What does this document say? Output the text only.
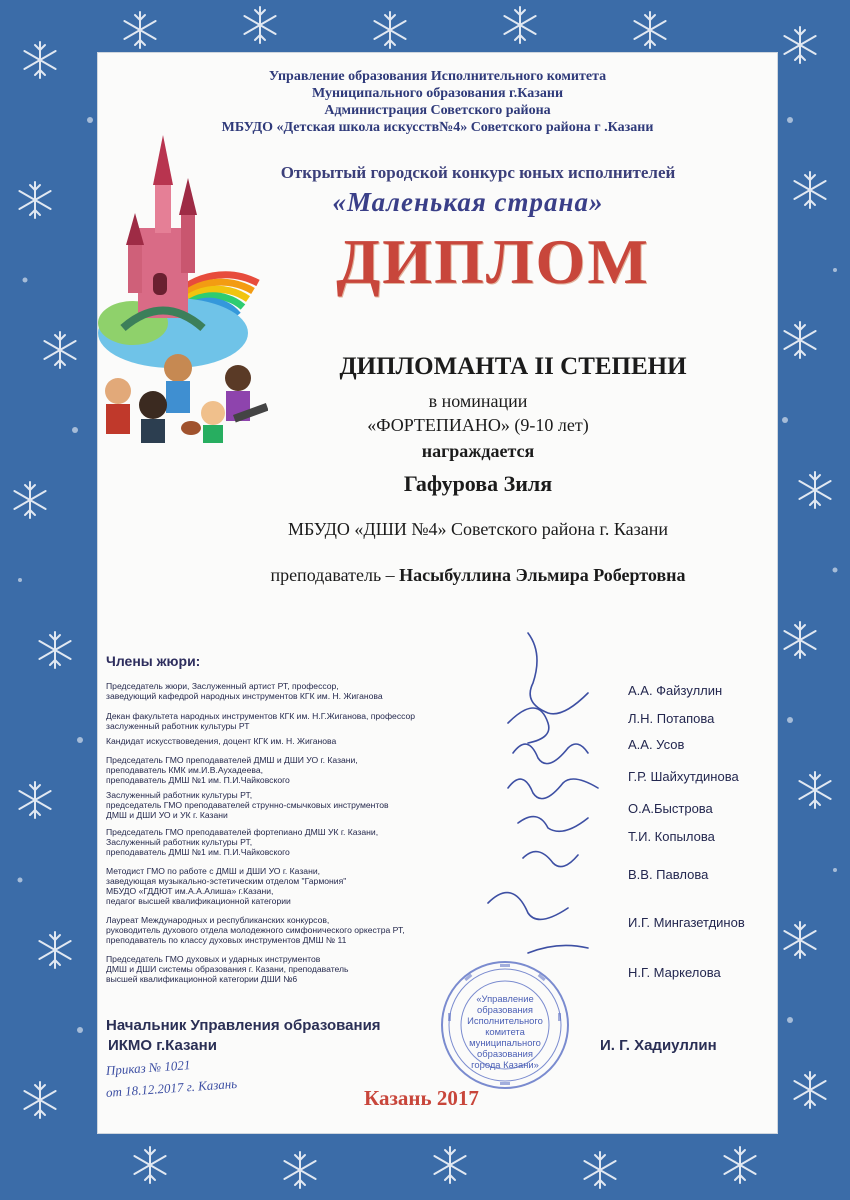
Управление образования Исполнительного комитета
Муниципального образования г.Казани
Администрация Советского района
МБУДО «Детская школа искусств№4» Советского района г .Казани
Открытый городской конкурс юных исполнителей
«Маленькая страна»
ДИПЛОМ
ДИПЛОМАНТА II СТЕПЕНИ
в номинации
«ФОРТЕПИАНО» (9-10 лет)
награждается
Гафурова Зиля
МБУДО «ДШИ №4» Советского района г. Казани
преподаватель – Насыбуллина Эльмира Робертовна
Члены жюри:
Председатель жюри, Заслуженный артист РТ, профессор,
заведующий кафедрой народных инструментов КГК им. Н. Жиганова
Декан факультета народных инструментов КГК им. Н.Г.Жиганова, профессор
заслуженный работник культуры РТ
Кандидат искусствоведения, доцент КГК им. Н. Жиганова
Председатель ГМО преподавателей ДМШ и ДШИ УО г. Казани,
преподаватель КМК им.И.В.Аухадеева,
преподаватель ДМШ №1 им. П.И.Чайковского
Заслуженный работник культуры РТ,
председатель ГМО преподавателей струнно-смычковых инструментов
ДМШ и ДШИ УО и УК г. Казани
Председатель ГМО преподавателей фортепиано ДМШ УК г. Казани,
Заслуженный работник культуры РТ,
преподаватель ДМШ №1 им. П.И.Чайковского
Методист ГМО по работе с ДМШ и ДШИ УО г. Казани,
заведующая музыкально-эстетическим отделом "Гармония"
МБУДО «ГДДЮТ им.А.А.Алиша» г.Казани,
педагог высшей квалификационной категории
Лауреат Международных и республиканских конкурсов,
руководитель духового отдела молодежного симфонического оркестра РТ,
преподаватель по классу духовых инструментов ДМШ № 11
Председатель ГМО духовых и ударных инструментов
ДМШ и ДШИ системы образования г. Казани, преподаватель
высшей квалификационной категории ДШИ №6
А.А. Файзуллин
Л.Н. Потапова
А.А. Усов
Г.Р. Шайхутдинова
О.А.Быстрова
Т.И. Копылова
В.В. Павлова
И.Г. Мингазетдинов
Н.Г. Маркелова
Начальник Управления образования
ИКМО г.Казани	И. Г. Хадиуллин
Приказ № 1021
от 18.12.2017 г. Казань	Казань 2017
«Управление
образования
Исполнительного
комитета
муниципального
образования
города Казани»
